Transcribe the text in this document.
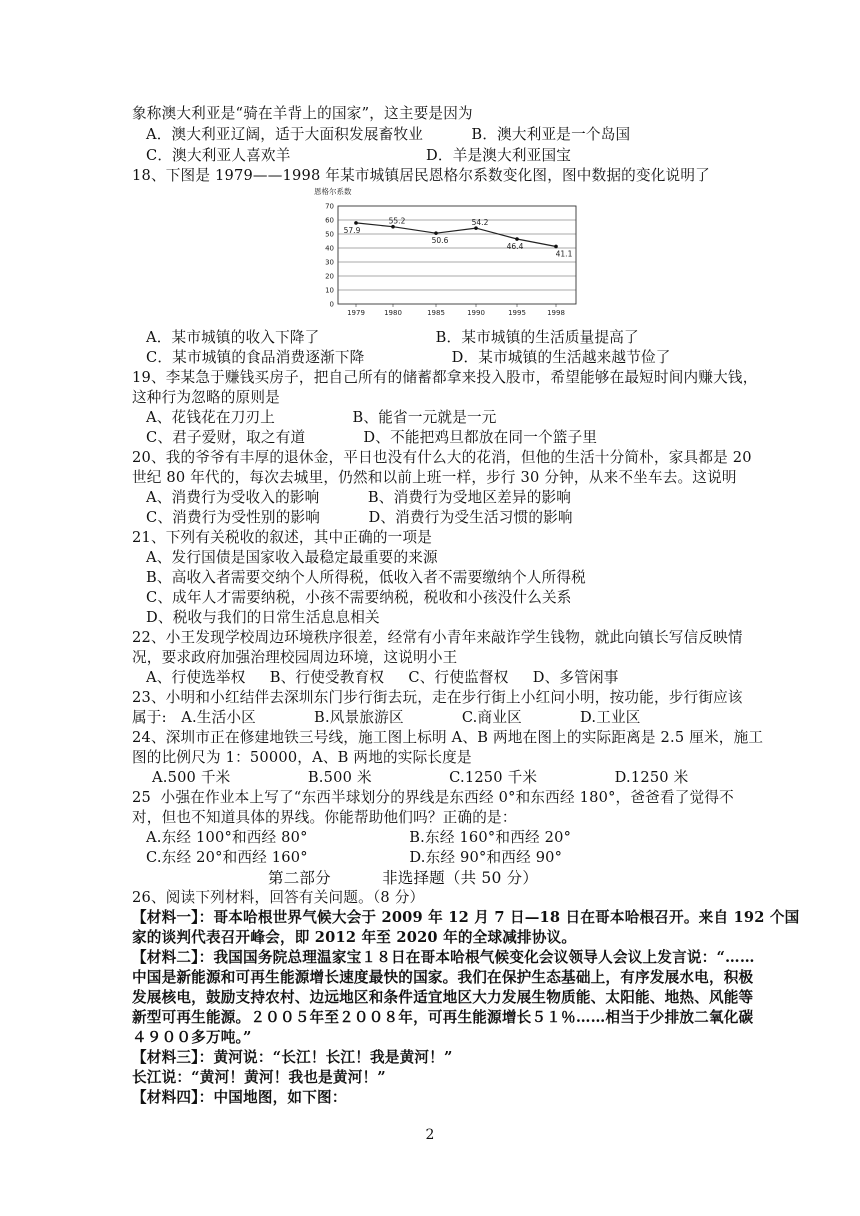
象称澳大利亚是“骑在羊背上的国家”，这主要是因为
A．澳大利亚辽阔，适于大面积发展畜牧业          B．澳大利亚是一个岛国
C．澳大利亚人喜欢羊                            D．羊是澳大利亚国宝
18、下图是 1979——1998 年某市城镇居民恩格尔系数变化图，图中数据的变化说明了
0
10
20
30
40
50
60
70
1979	1980	1985	1990	1995	1998
57.9
55.2
50.6
54.2
46.4
41.1
恩格尔系数
A．某市城镇的收入下降了                        B．某市城镇的生活质量提高了
C．某市城镇的食品消费逐渐下降                  D．某市城镇的生活越来越节俭了
19、李某急于赚钱买房子，把自己所有的储蓄都拿来投入股市，希望能够在最短时间内赚大钱，
这种行为忽略的原则是
A、花钱花在刀刃上                B、能省一元就是一元
C、君子爱财，取之有道            D、不能把鸡旦都放在同一个篮子里
20、我的爷爷有丰厚的退休金，平日也没有什么大的花消，但他的生活十分简朴，家具都是 20
世纪 80 年代的，每次去城里，仍然和以前上班一样，步行 30 分钟，从来不坐车去。这说明
A、消费行为受收入的影响          B、消费行为受地区差异的影响
C、消费行为受性别的影响          D、消费行为受生活习惯的影响
21、下列有关税收的叙述，其中正确的一项是
A、发行国债是国家收入最稳定最重要的来源
B、高收入者需要交纳个人所得税，低收入者不需要缴纳个人所得税
C、成年人才需要纳税，小孩不需要纳税，税收和小孩没什么关系
D、税收与我们的日常生活息息相关
22、小王发现学校周边环境秩序很差，经常有小青年来敲诈学生钱物，就此向镇长写信反映情
况，要求政府加强治理校园周边环境，这说明小王
A、行使选举权     B、行使受教育权     C、行使监督权     D、多管闲事
23、小明和小红结伴去深圳东门步行街去玩，走在步行街上小红问小明，按功能，步行街应该
属于:   A.生活小区            B.风景旅游区            C.商业区            D.工业区
24、深圳市正在修建地铁三号线，施工图上标明 A、B 两地在图上的实际距离是 2.5 厘米，施工
图的比例尺为 1：50000，A、B 两地的实际长度是
A.500 千米                B.500 米                C.1250 千米                D.1250 米
25  小强在作业本上写了“东西半球划分的界线是东西经 0°和东西经 180°，爸爸看了觉得不
对，但也不知道具体的界线。你能帮助他们吗？正确的是：
A.东经 100°和西经 80°                     B.东经 160°和西经 20°
C.东经 20°和西经 160°                     D.东经 90°和西经 90°
第二部分          非选择题（共 50 分）
26、阅读下列材料，回答有关问题。（8 分）
【材料一】：哥本哈根世界气候大会于 2009 年 12 月 7 日—18 日在哥本哈根召开。来自 192 个国
家的谈判代表召开峰会，即 2012 年至 2020 年的全球减排协议。
【材料二】：我国国务院总理温家宝１８日在哥本哈根气候变化会议领导人会议上发言说：“……
中国是新能源和可再生能源增长速度最快的国家。我们在保护生态基础上，有序发展水电，积极
发展核电，鼓励支持农村、边远地区和条件适宜地区大力发展生物质能、太阳能、地热、风能等
新型可再生能源。２００５年至２００８年，可再生能源增长５１％……相当于少排放二氧化碳
４９００多万吨。”
【材料三】：黄河说：“长江！长江！我是黄河！”
长江说：“黄河！黄河！我也是黄河！”
【材料四】：中国地图，如下图：
2
